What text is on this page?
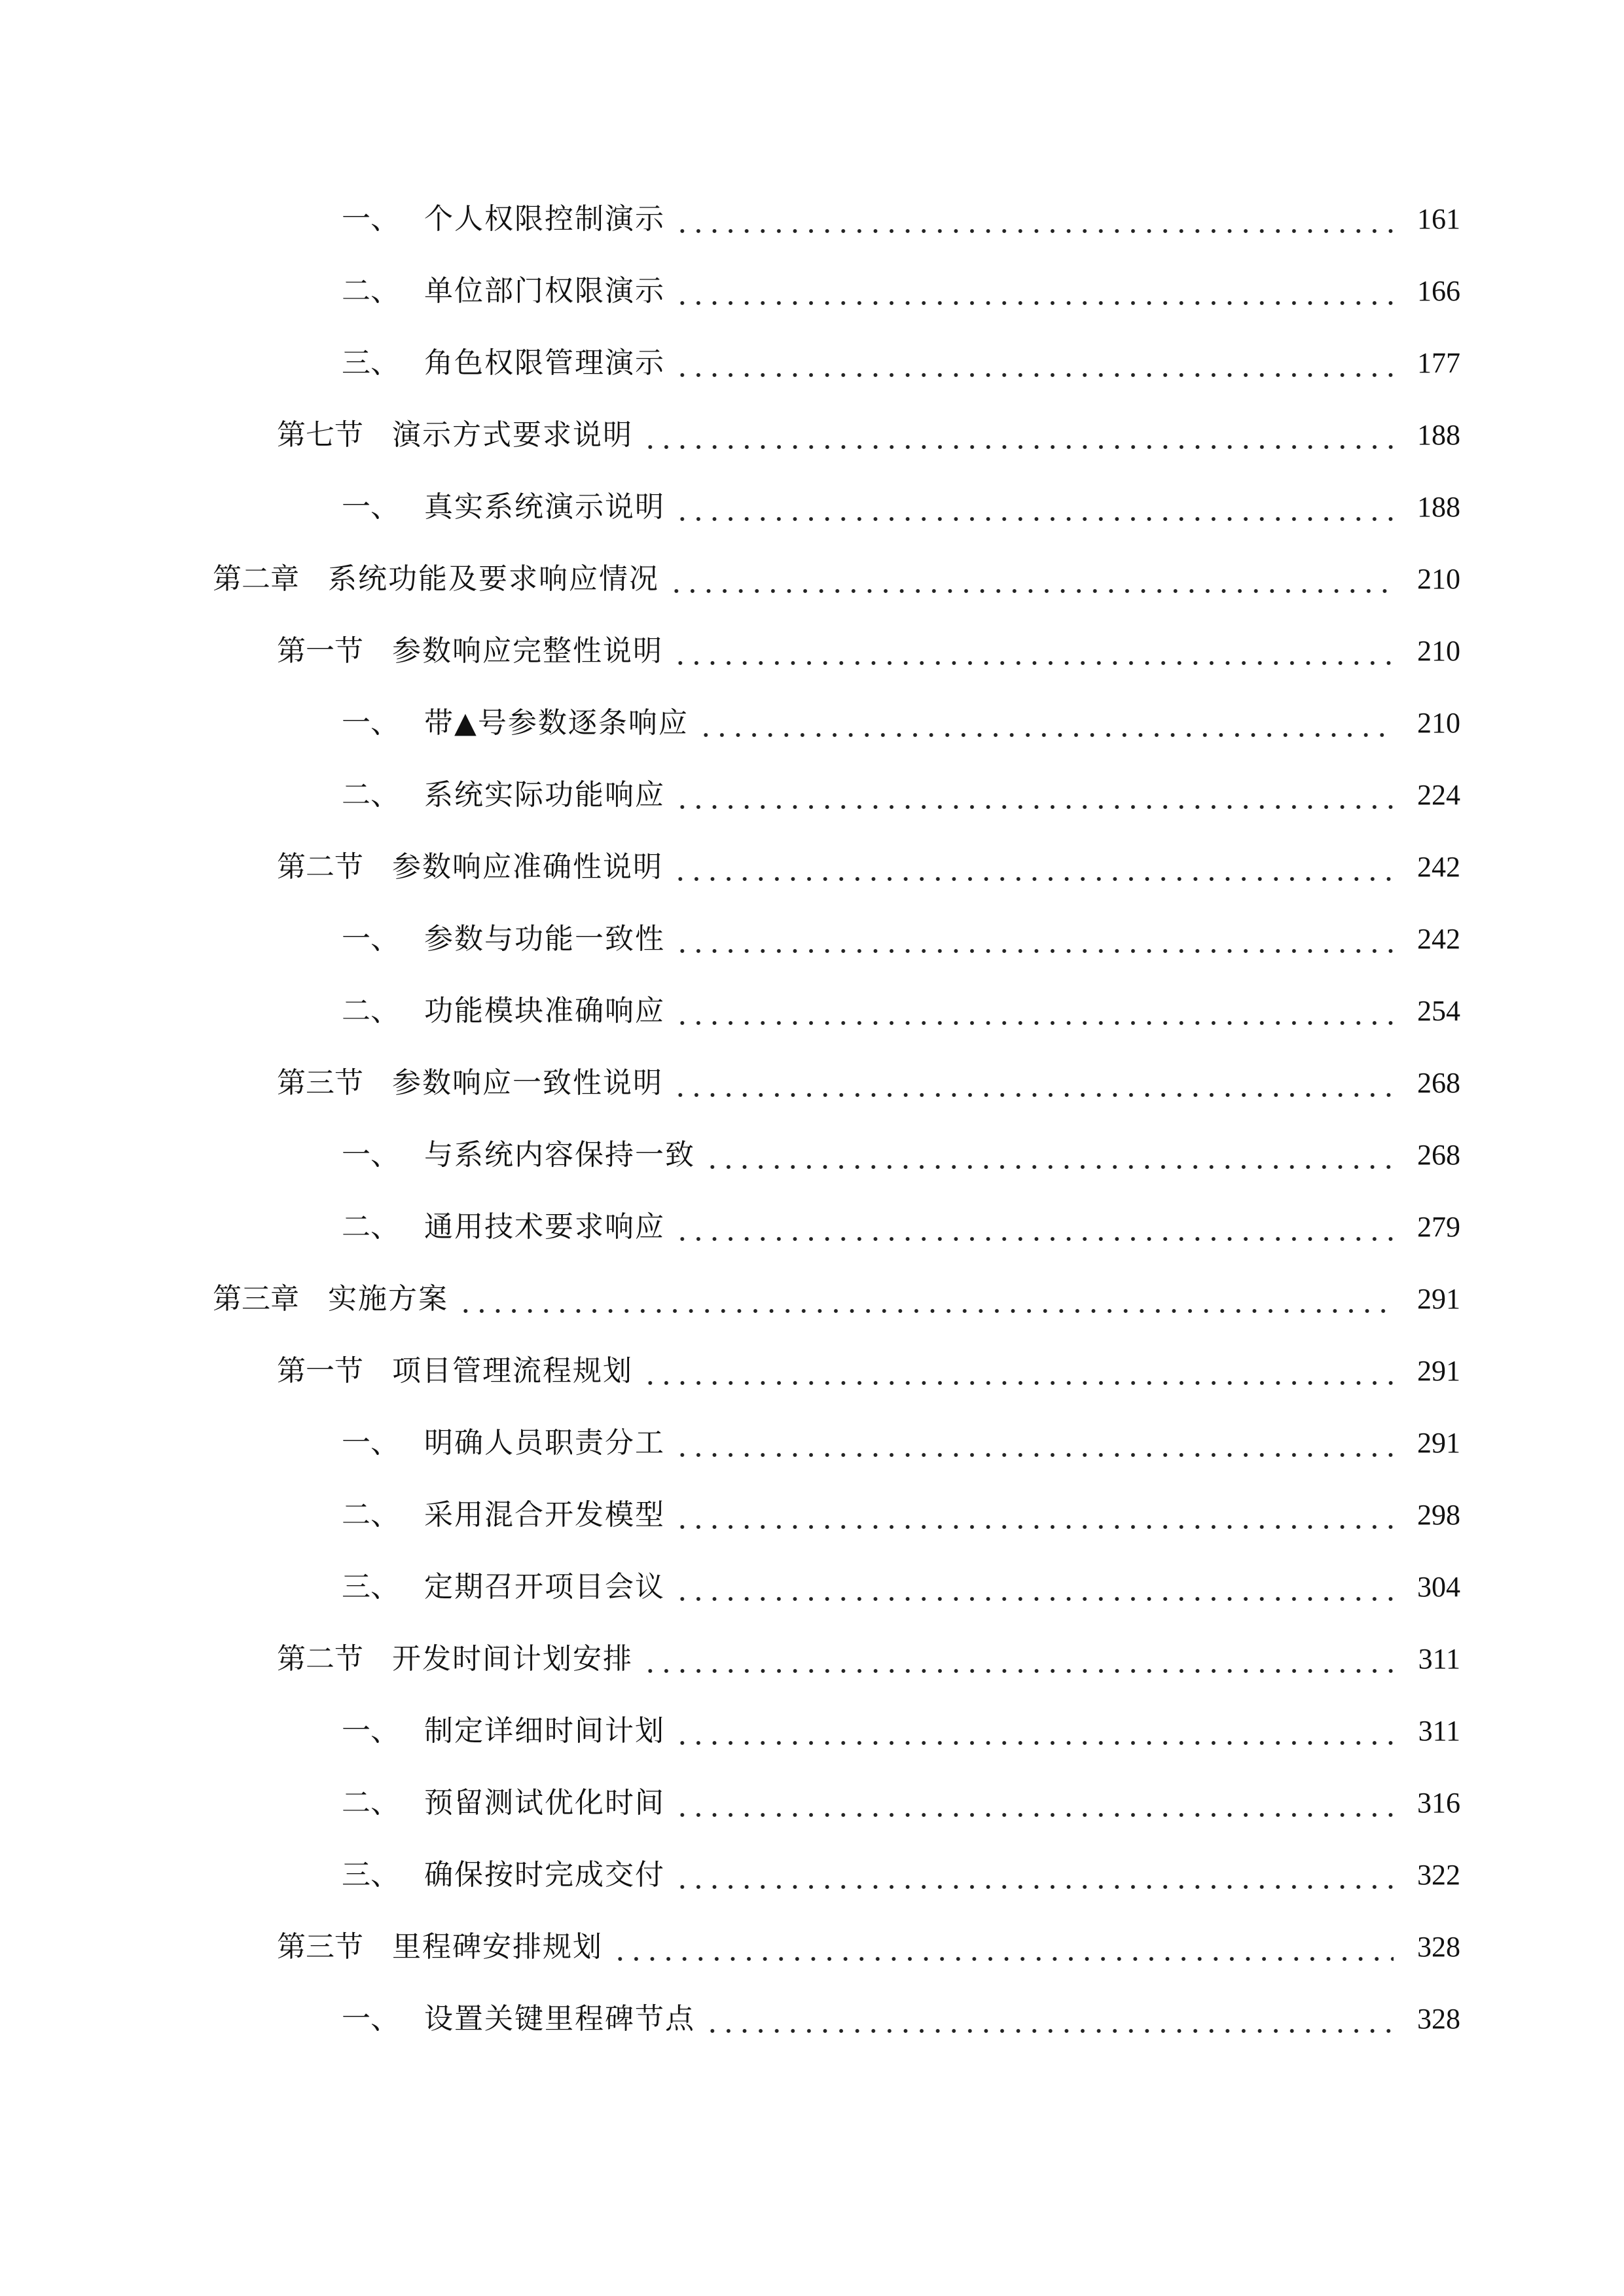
一、 个人权限控制演示	161
二、 单位部门权限演示	166
三、 角色权限管理演示	177
第七节	演示方式要求说明	188
一、 真实系统演示说明	188
第二章	系统功能及要求响应情况	210
第一节	参数响应完整性说明	210
一、 带▲号参数逐条响应	210
二、 系统实际功能响应	224
第二节	参数响应准确性说明	242
一、 参数与功能一致性	242
二、 功能模块准确响应	254
第三节	参数响应一致性说明	268
一、 与系统内容保持一致	268
二、 通用技术要求响应	279
第三章	实施方案	291
第一节	项目管理流程规划	291
一、 明确人员职责分工	291
二、 采用混合开发模型	298
三、 定期召开项目会议	304
第二节	开发时间计划安排	311
一、 制定详细时间计划	311
二、 预留测试优化时间	316
三、 确保按时完成交付	322
第三节	里程碑安排规划	328
一、 设置关键里程碑节点	328
